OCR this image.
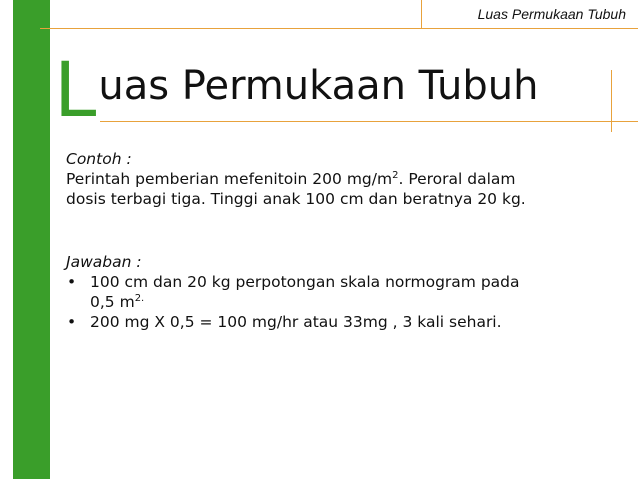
Luas Permukaan Tubuh
Luas Permukaan Tubuh

Contoh :

Perintah pemberian mefenitoin 200 $mg/m^2$. Peroral dalam

dosis terbagi tiga. Tinggi anak 100 cm dan beratnya 20 kg.

Jawaban :

• 100 cm dan 20 kg perpotongan skala normogram pada
0,5 $m^{2.}$
• 200 mg X 0,5 = 100 mg/hr atau 33mg , 3 kali sehari.
